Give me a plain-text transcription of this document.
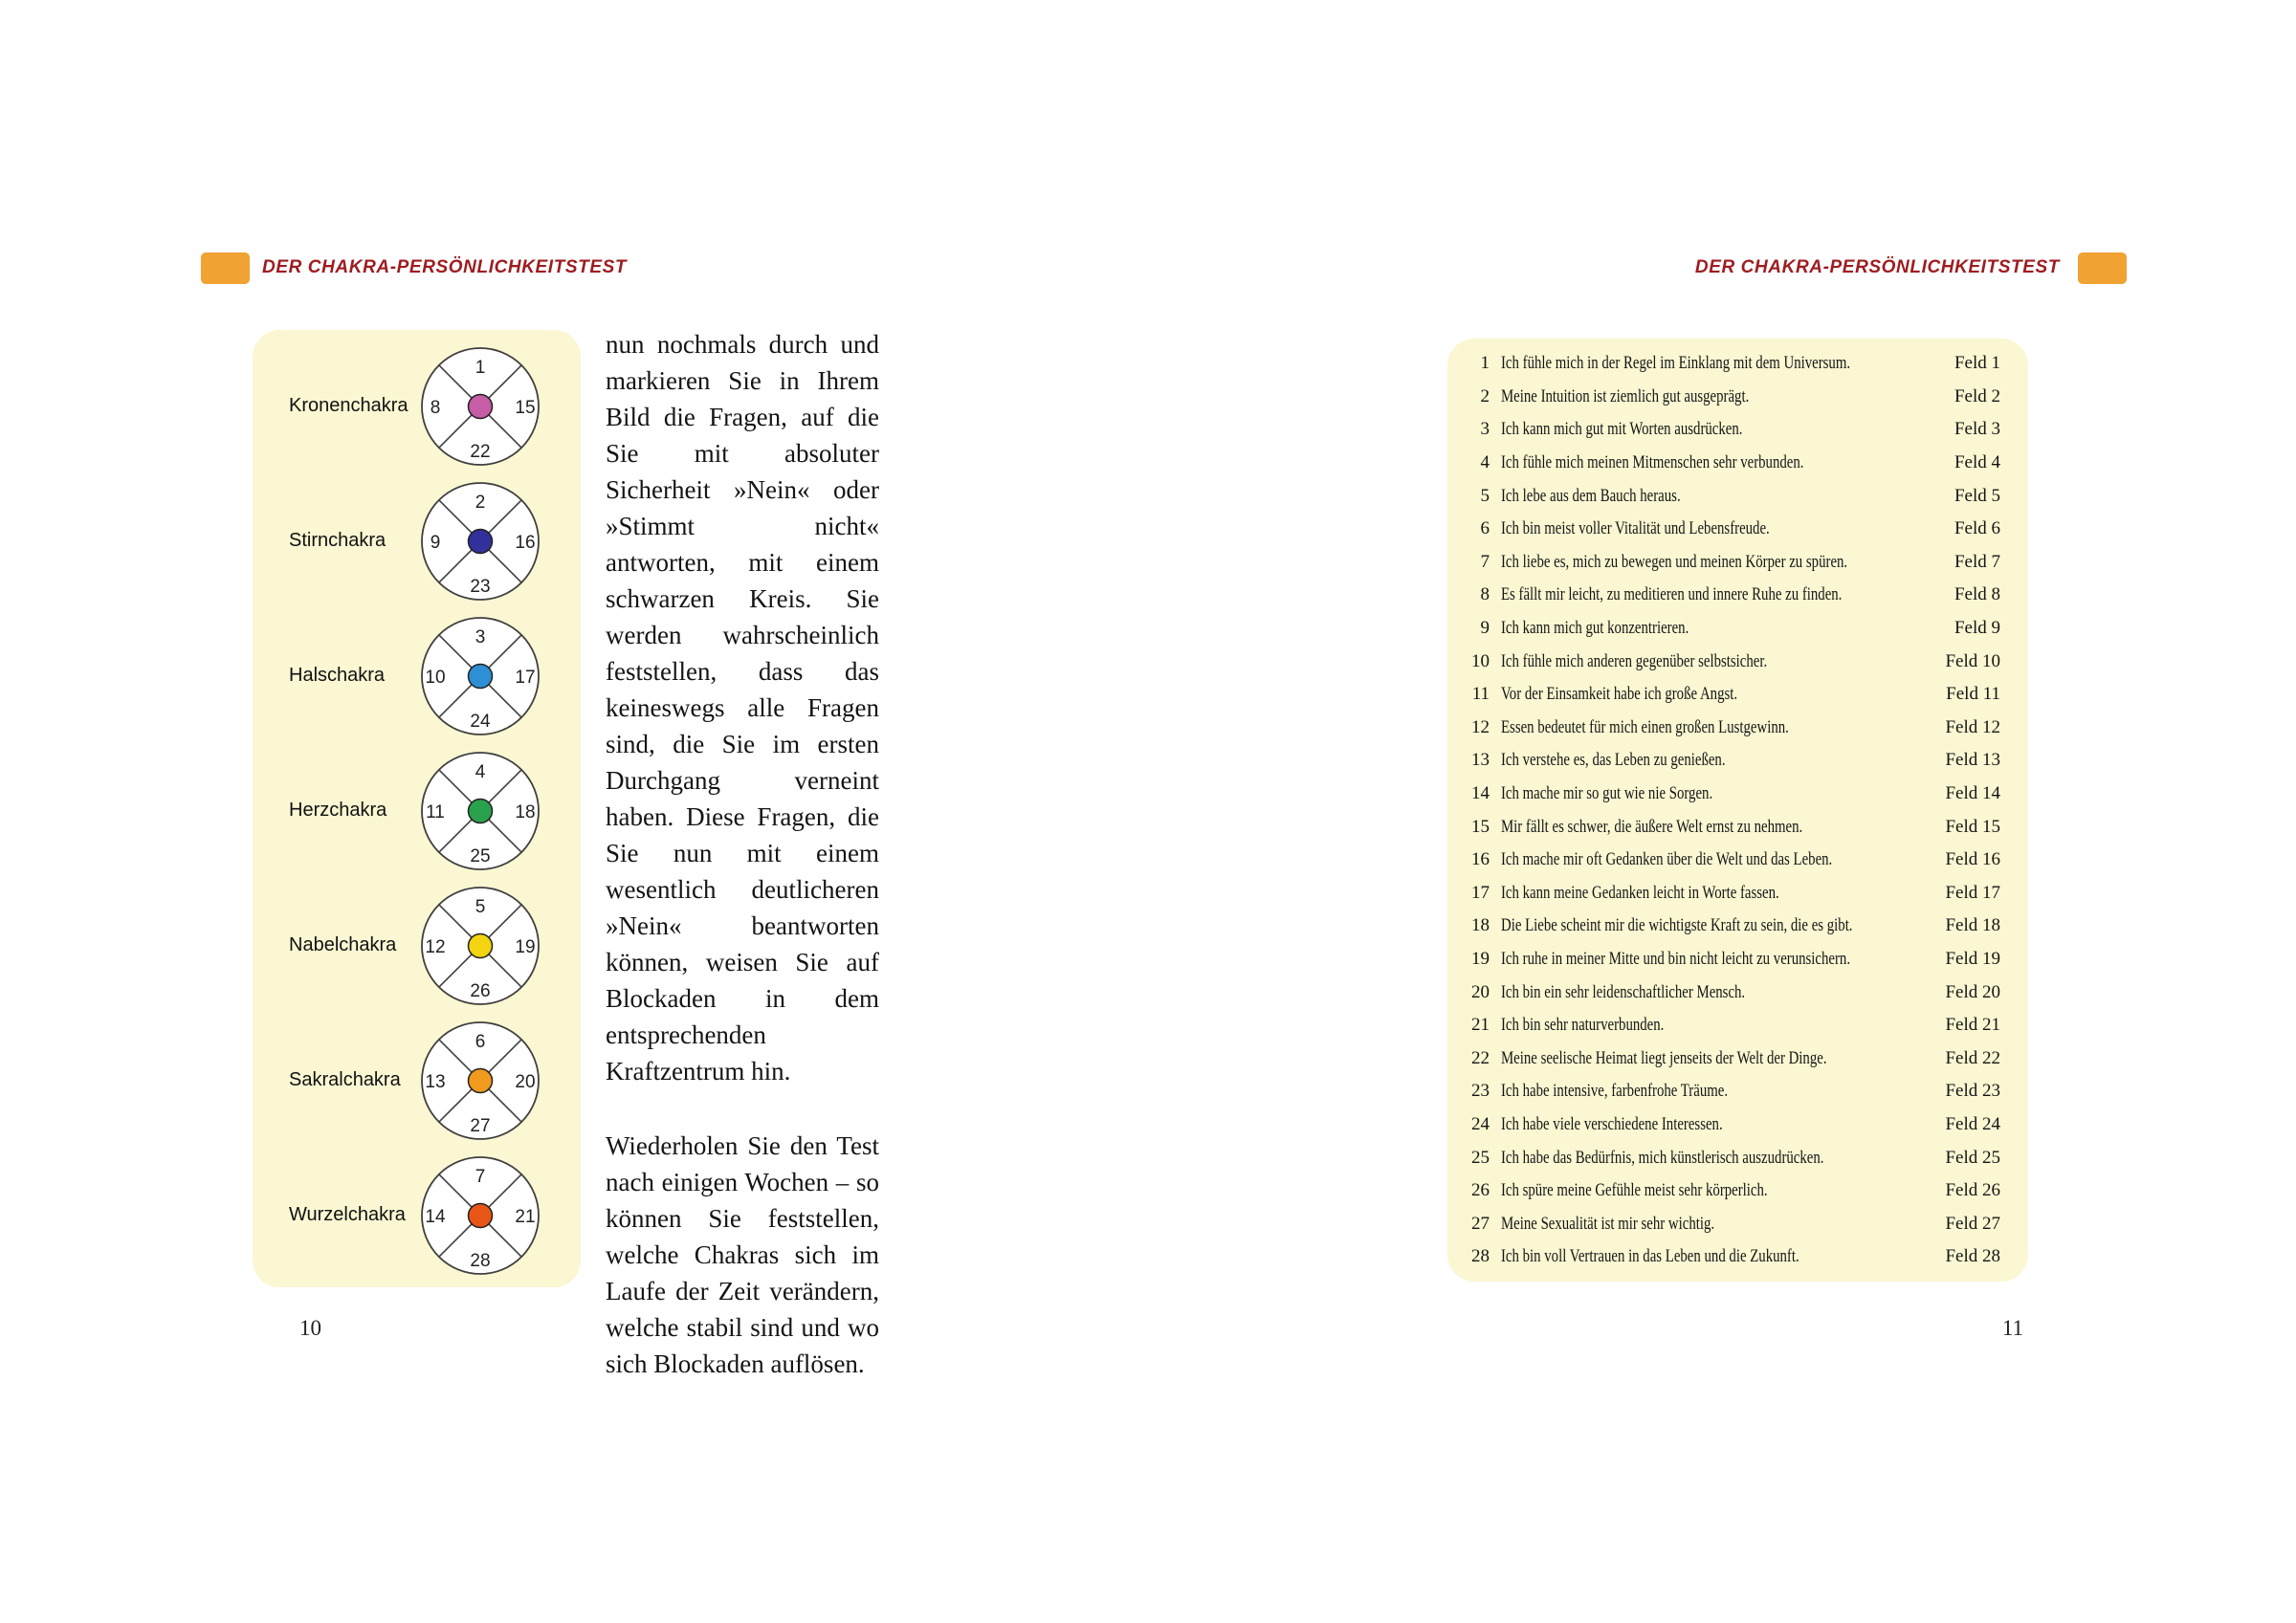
DER CHAKRA-PERSÖNLICHKEITSTEST	DER CHAKRA-PERSÖNLICHKEITSTEST
Kronenchakra
1
8	15
22
Stirnchakra
2
9	16
23
Halschakra
3
10	17
24
Herzchakra
4
11	18
25
Nabelchakra
5
12	19
26
Sakralchakra
6
13	20
27
Wurzelchakra
7
14	21
28

nun nochmals durch und markieren Sie in Ihrem Bild die Fragen, auf die Sie mit absoluter Sicherheit »Nein« oder »Stimmt nicht« antworten, mit einem schwarzen Kreis. Sie werden wahrscheinlich feststellen, dass das keineswegs alle Fragen sind, die Sie im ersten Durchgang verneint haben. Diese Fragen, die Sie nun mit einem wesentlich deutlicheren »Nein« beantworten können, weisen Sie auf Blockaden in dem entsprechenden Kraftzentrum hin.

Wiederholen Sie den Test nach einigen Wochen – so können Sie feststellen, welche Chakras sich im Laufe der Zeit verändern, welche stabil sind und wo sich Blockaden auflösen.

1 Ich fühle mich in der Regel im Einklang mit dem Universum.	Feld 1
2 Meine Intuition ist ziemlich gut ausgeprägt.	Feld 2
3 Ich kann mich gut mit Worten ausdrücken.	Feld 3
4 Ich fühle mich meinen Mitmenschen sehr verbunden.	Feld 4
5 Ich lebe aus dem Bauch heraus.	Feld 5
6 Ich bin meist voller Vitalität und Lebensfreude.	Feld 6
7 Ich liebe es, mich zu bewegen und meinen Körper zu spüren.	Feld 7
8 Es fällt mir leicht, zu meditieren und innere Ruhe zu finden.	Feld 8
9 Ich kann mich gut konzentrieren.	Feld 9
10 Ich fühle mich anderen gegenüber selbstsicher.	Feld 10
11 Vor der Einsamkeit habe ich große Angst.	Feld 11
12 Essen bedeutet für mich einen großen Lustgewinn.	Feld 12
13 Ich verstehe es, das Leben zu genießen.	Feld 13
14 Ich mache mir so gut wie nie Sorgen.	Feld 14
15 Mir fällt es schwer, die äußere Welt ernst zu nehmen.	Feld 15
16 Ich mache mir oft Gedanken über die Welt und das Leben.	Feld 16
17 Ich kann meine Gedanken leicht in Worte fassen.	Feld 17
18 Die Liebe scheint mir die wichtigste Kraft zu sein, die es gibt.	Feld 18
19 Ich ruhe in meiner Mitte und bin nicht leicht zu verunsichern.	Feld 19
20 Ich bin ein sehr leidenschaftlicher Mensch.	Feld 20
21 Ich bin sehr naturverbunden.	Feld 21
22 Meine seelische Heimat liegt jenseits der Welt der Dinge.	Feld 22
23 Ich habe intensive, farbenfrohe Träume.	Feld 23
24 Ich habe viele verschiedene Interessen.	Feld 24
25 Ich habe das Bedürfnis, mich künstlerisch auszudrücken.	Feld 25
26 Ich spüre meine Gefühle meist sehr körperlich.	Feld 26
27 Meine Sexualität ist mir sehr wichtig.	Feld 27
28 Ich bin voll Vertrauen in das Leben und die Zukunft.	Feld 28
10	11
